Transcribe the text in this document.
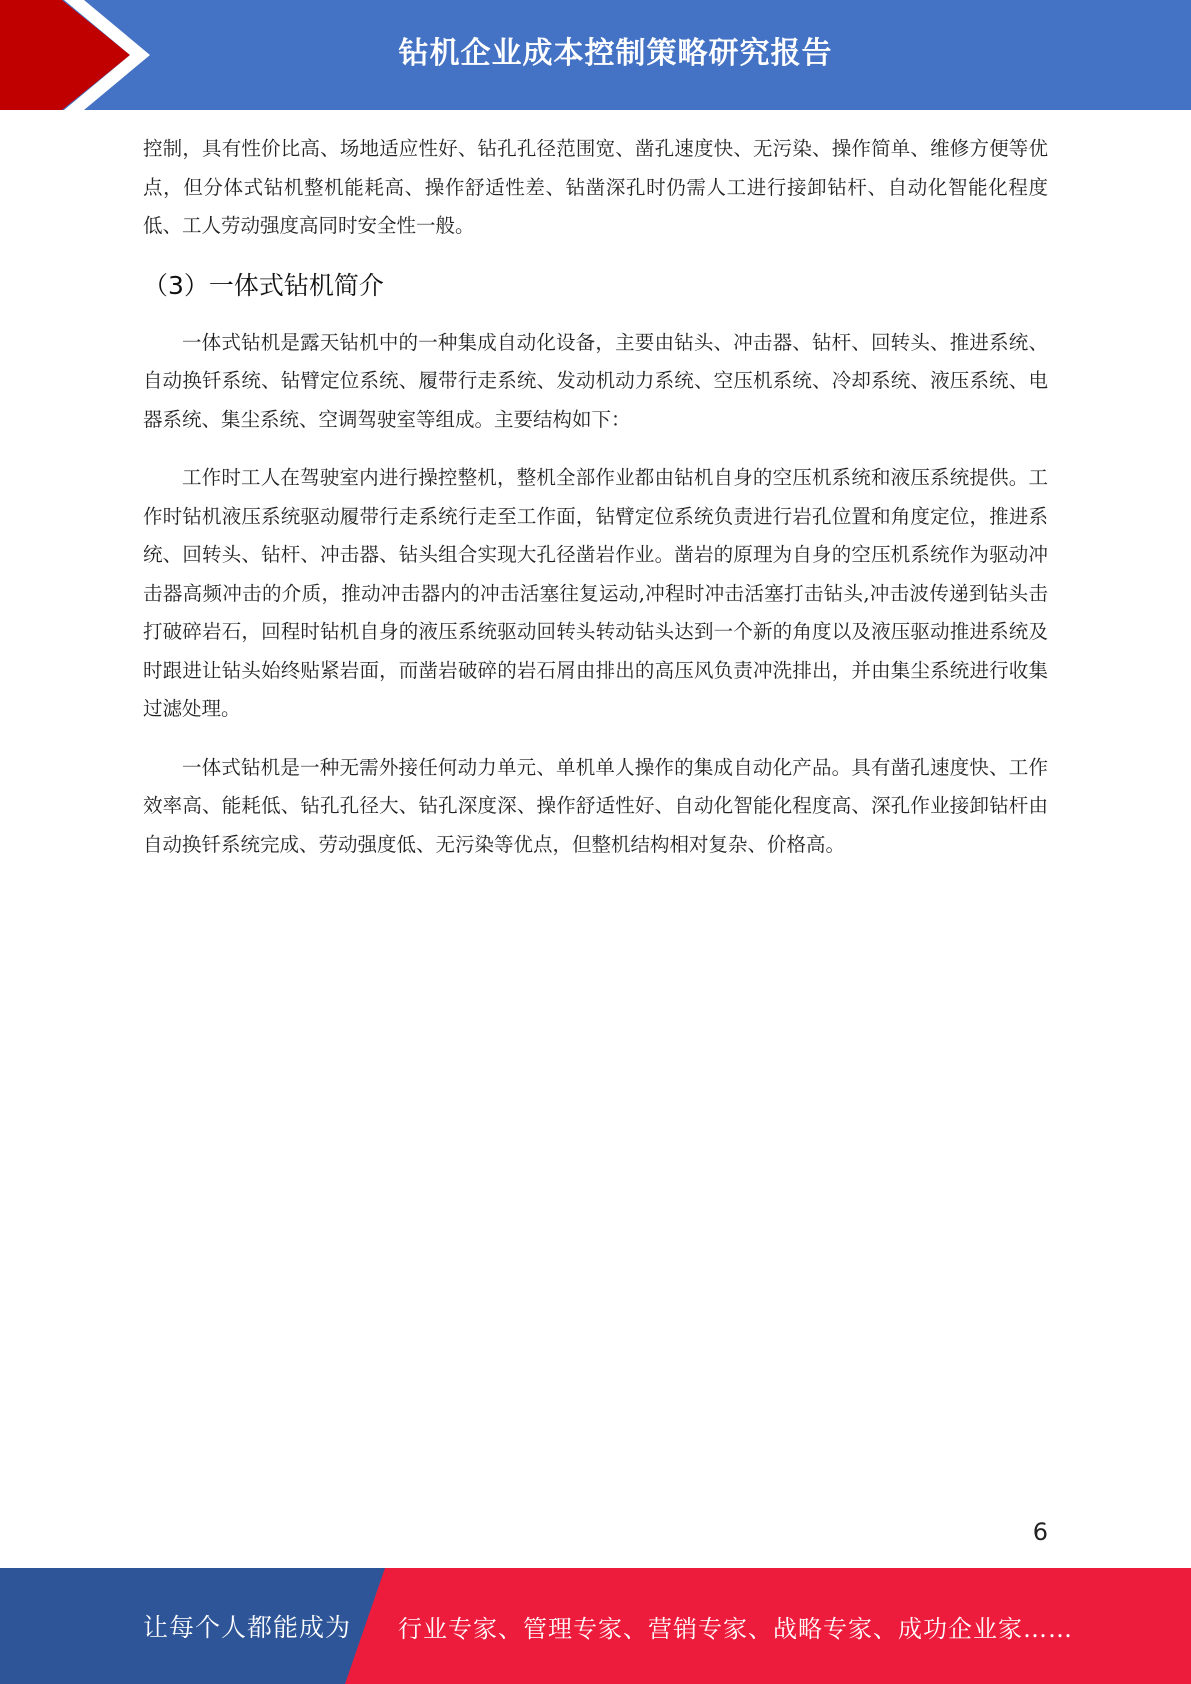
钻机企业成本控制策略研究报告

控制，具有性价比高、场地适应性好、钻孔孔径范围宽、凿孔速度快、无污染、操作简单、维修方便等优点，但分体式钻机整机能耗高、操作舒适性差、钻凿深孔时仍需人工进行接卸钻杆、自动化智能化程度低、工人劳动强度高同时安全性一般。

（3）一体式钻机简介

一体式钻机是露天钻机中的一种集成自动化设备，主要由钻头、冲击器、钻杆、回转头、推进系统、自动换钎系统、钻臂定位系统、履带行走系统、发动机动力系统、空压机系统、冷却系统、液压系统、电器系统、集尘系统、空调驾驶室等组成。主要结构如下：

工作时工人在驾驶室内进行操控整机，整机全部作业都由钻机自身的空压机系统和液压系统提供。工作时钻机液压系统驱动履带行走系统行走至工作面，钻臂定位系统负责进行岩孔位置和角度定位，推进系统、回转头、钻杆、冲击器、钻头组合实现大孔径凿岩作业。凿岩的原理为自身的空压机系统作为驱动冲击器高频冲击的介质，推动冲击器内的冲击活塞往复运动,冲程时冲击活塞打击钻头,冲击波传递到钻头击打破碎岩石，回程时钻机自身的液压系统驱动回转头转动钻头达到一个新的角度以及液压驱动推进系统及时跟进让钻头始终贴紧岩面，而凿岩破碎的岩石屑由排出的高压风负责冲洗排出，并由集尘系统进行收集过滤处理。

一体式钻机是一种无需外接任何动力单元、单机单人操作的集成自动化产品。具有凿孔速度快、工作效率高、能耗低、钻孔孔径大、钻孔深度深、操作舒适性好、自动化智能化程度高、深孔作业接卸钻杆由自动换钎系统完成、劳动强度低、无污染等优点，但整机结构相对复杂、价格高。

6
让每个人都能成为 行业专家、管理专家、营销专家、战略专家、成功企业家……
